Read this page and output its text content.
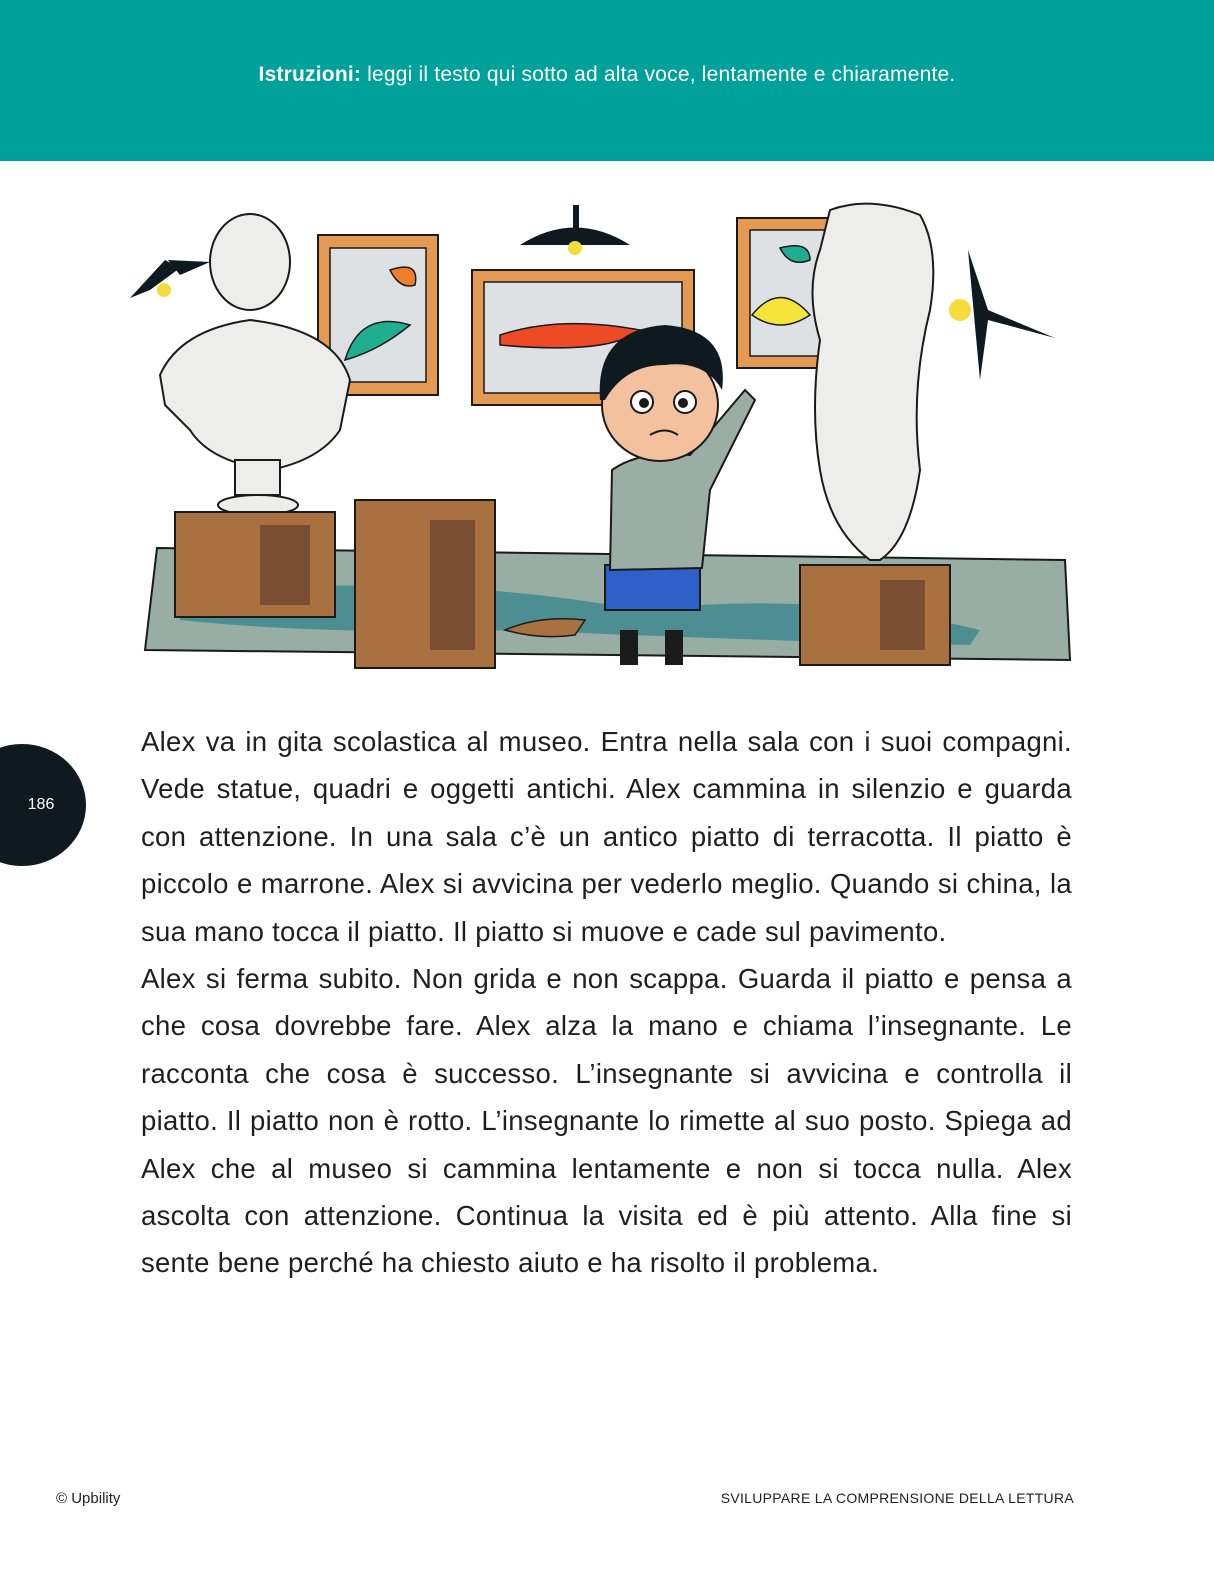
Istruzioni: leggi il testo qui sotto ad alta voce, lentamente e chiaramente.
186

Alex va in gita scolastica al museo. Entra nella sala con i suoi compagni. Vede statue, quadri e oggetti antichi. Alex cammina in silenzio e guarda con attenzione. In una sala c’è un antico piatto di terracotta. Il piatto è piccolo e marrone. Alex si avvicina per vederlo meglio. Quando si china, la sua mano tocca il piatto. Il piatto si muove e cade sul pavimento.

Alex si ferma subito. Non grida e non scappa. Guarda il piatto e pensa a che cosa dovrebbe fare. Alex alza la mano e chiama l’insegnante. Le racconta che cosa è successo. L’insegnante si avvicina e controlla il piatto. Il piatto non è rotto. L’insegnante lo rimette al suo posto. Spiega ad Alex che al museo si cammina lentamente e non si tocca nulla. Alex ascolta con attenzione. Continua la visita ed è più attento. Alla fine si sente bene perché ha chiesto aiuto e ha risolto il problema.

© Upbility	SVILUPPARE LA COMPRENSIONE DELLA LETTURA
